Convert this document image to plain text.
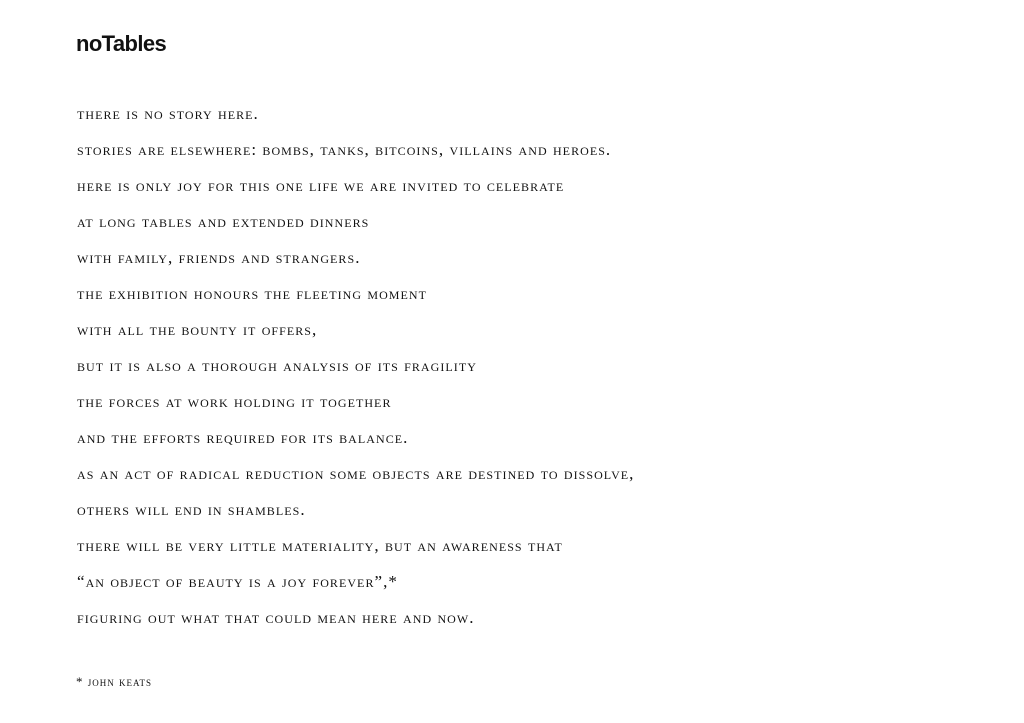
noTables
there is no story here.
stories are elsewhere: bombs, tanks, bitcoins, villains and heroes.
here is only joy for this one life we are invited to celebrate
at long tables and extended dinners
with family, friends and strangers.
the exhibition honours the fleeting moment
with all the bounty it offers,
but it is also a thorough analysis of its fragility
the forces at work holding it together
and the efforts required for its balance.
as an act of radical reduction some objects are destined to dissolve,
others will end in shambles.
there will be very little materiality, but an awareness that
“an object of beauty is a joy forever”,*
figuring out what that could mean here and now.

* john keats
